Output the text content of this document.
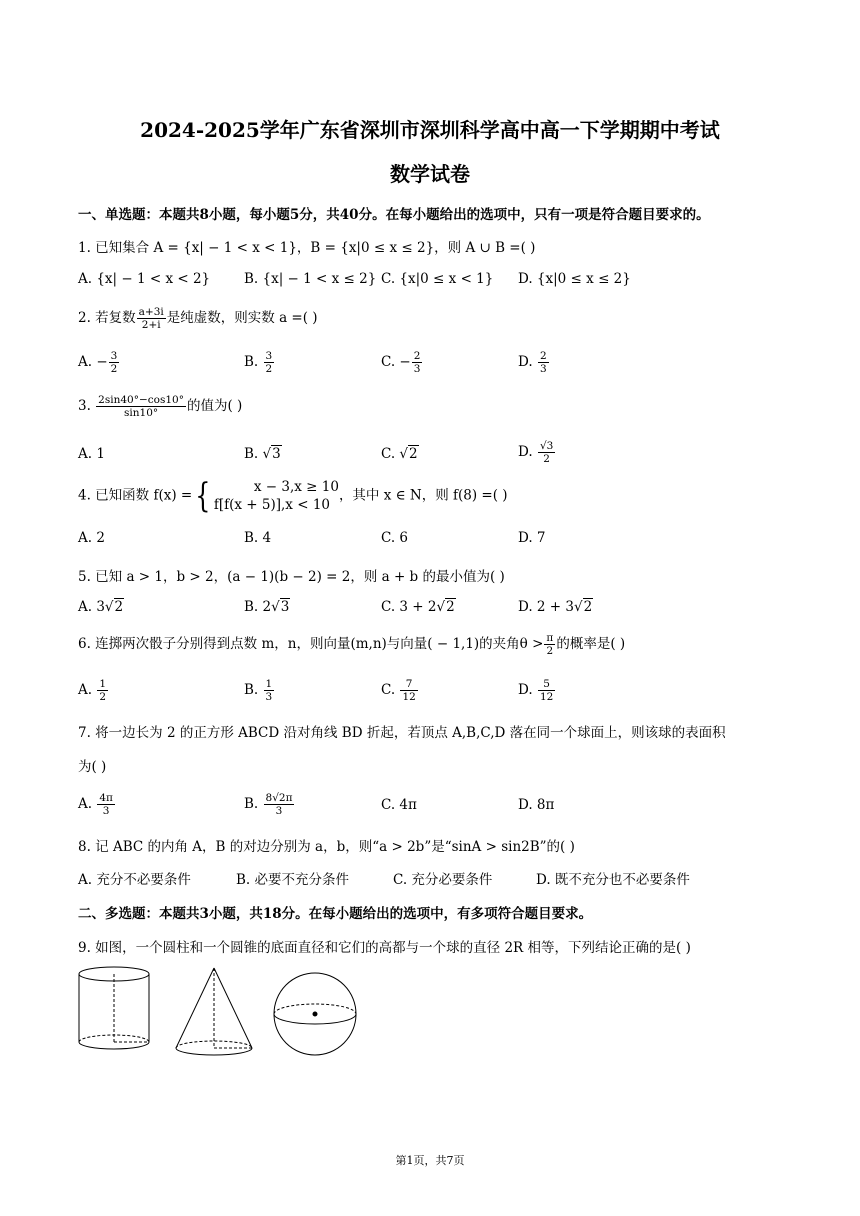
2024-2025学年广东省深圳市深圳科学高中高一下学期期中考试
数学试卷
一、单选题：本题共8小题，每小题5分，共40分。在每小题给出的选项中，只有一项是符合题目要求的。
1. 已知集合 A = {x| − 1 < x < 1}，B = {x|0 ≤ x ≤ 2}，则 A ∪ B =( )
A. {x| − 1 < x < 2}	B. {x| − 1 < x ≤ 2} C. {x|0 ≤ x < 1} D. {x|0 ≤ x ≤ 2}
2. 若复数 $\frac{a+3i}{2+i}$ 是纯虚数，则实数 a =( )
A. − $\frac{3}{2}$	B. $\frac{3}{2}$	C. − $\frac{2}{3}$	D. $\frac{2}{3}$
3. $\frac{2\sin 40^\circ-\cos 10^\circ}{\sin 10^\circ}$ 的值为( )
A. 1	B. √3	C. √2	D. $\frac{√3}{2}$
4. 已知函数 f(x) ={	x − 3,x ≥ 10
f[f(x + 5)],x < 10
，其中 x ∈ N，则 f(8) =( )
A. 2	B. 4	C. 6	D. 7
5. 已知 a > 1，b > 2，(a − 1)(b − 2) = 2，则 a + b 的最小值为( )
A. 3√2	B. 2√3	C. 3 + 2√2	D. 2 + 3√2
6. 连掷两次骰子分别得到点数 m，n，则向量(m,n)与向量( − 1,1)的夹角$\theta > \frac{\pi}{2}$ 的概率是( )
A. $\frac{1}{2}$	B. $\frac{1}{3}$	C. $\frac{7}{12}$	D. $\frac{5}{12}$
7. 将一边长为 2 的正方形 ABCD 沿对角线 BD 折起，若顶点 A,B,C,D 落在同一个球面上，则该球的表面积
为( )
A. $\frac{4\pi}{3}$	B. $\frac{8√2\pi}{3}$	C. 4π	D. 8π
8. 记 ABC 的内角 A，B 的对边分别为 a，b，则“a > 2b”是“sinA > sin2B”的( )
A. 充分不必要条件	B. 必要不充分条件	C. 充分必要条件	D. 既不充分也不必要条件
二、多选题：本题共3小题，共18分。在每小题给出的选项中，有多项符合题目要求。
9. 如图，一个圆柱和一个圆锥的底面直径和它们的高都与一个球的直径 2R 相等，下列结论正确的是( )
第1页，共7页
